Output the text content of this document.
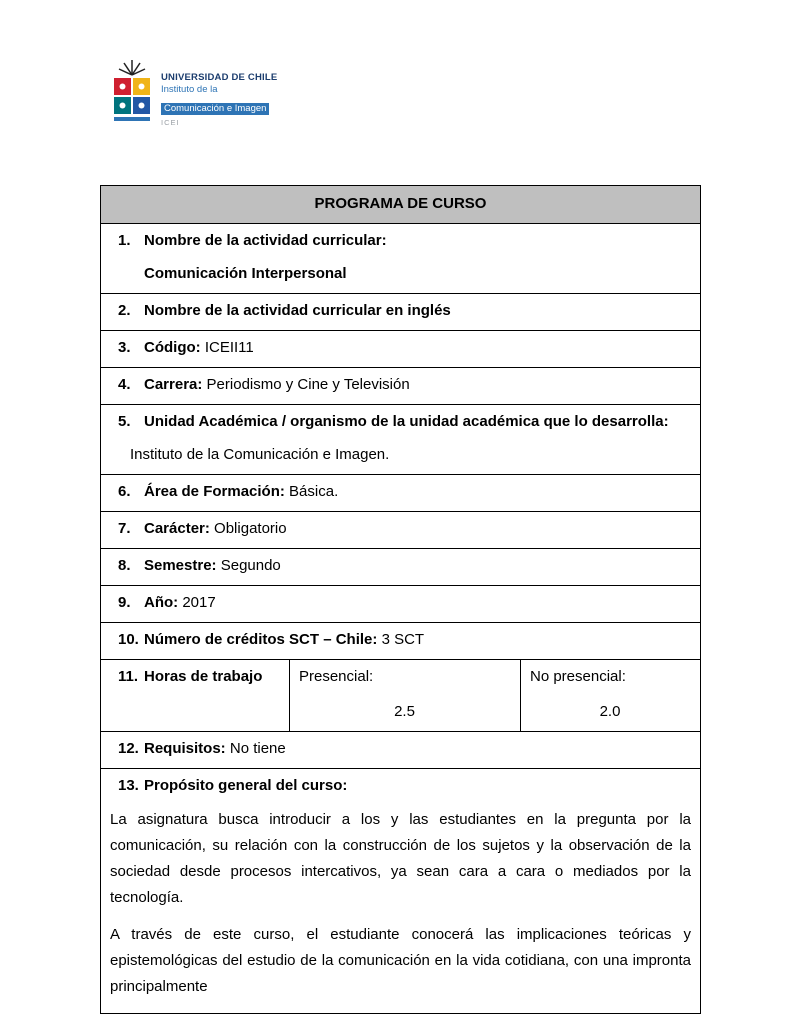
UNIVERSIDAD DE CHILE
Instituto de la
Comunicación e Imagen
ICEI
PROGRAMA DE CURSO
1. Nombre de la actividad curricular:
Comunicación Interpersonal
2. Nombre de la actividad curricular en inglés
3. Código: ICEII11
4. Carrera: Periodismo y Cine y Televisión
5. Unidad Académica / organismo de la unidad académica que lo desarrolla:
Instituto de la Comunicación e Imagen.
6. Área de Formación: Básica.
7. Carácter: Obligatorio
8. Semestre: Segundo
9. Año: 2017
10. Número de créditos SCT – Chile: 3 SCT
11. Horas de trabajo	Presencial:
2.5
No presencial:
2.0
12. Requisitos: No tiene
13. Propósito general del curso:

La asignatura busca introducir a los y las estudiantes en la pregunta por la comunicación, su relación con la construcción de los sujetos y la observación de la sociedad desde procesos intercativos, ya sean cara a cara o mediados por la tecnología.

A través de este curso, el estudiante conocerá las implicaciones teóricas y epistemológicas del estudio de la comunicación en la vida cotidiana, con una impronta principalmente
